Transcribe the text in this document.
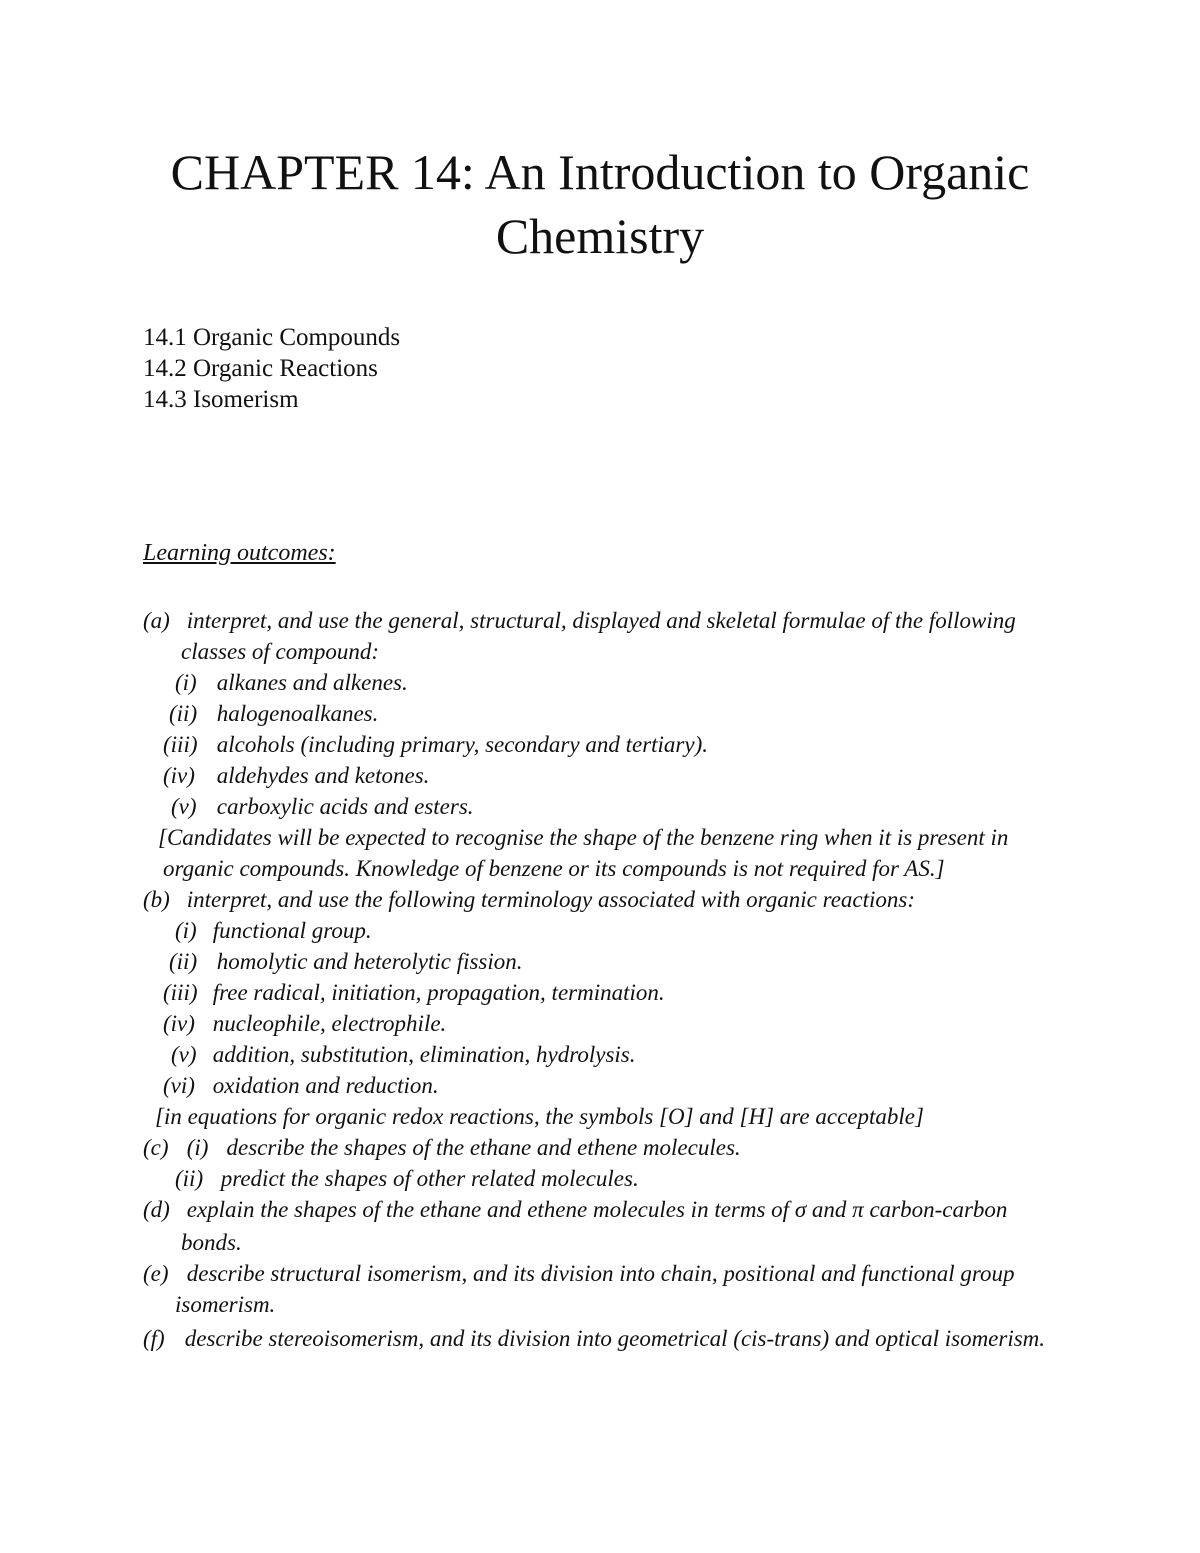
CHAPTER 14: An Introduction to Organic
Chemistry
14.1 Organic Compounds
14.2 Organic Reactions
14.3 Isomerism
Learning outcomes:
(a) interpret, and use the general, structural, displayed and skeletal formulae of the following
classes of compound:
(i) alkanes and alkenes.
(ii) halogenoalkanes.
(iii) alcohols (including primary, secondary and tertiary).
(iv) aldehydes and ketones.
(v) carboxylic acids and esters.
[Candidates will be expected to recognise the shape of the benzene ring when it is present in
organic compounds. Knowledge of benzene or its compounds is not required for AS.]
(b) interpret, and use the following terminology associated with organic reactions:
(i) functional group.
(ii) homolytic and heterolytic fission.
(iii) free radical, initiation, propagation, termination.
(iv) nucleophile, electrophile.
(v) addition, substitution, elimination, hydrolysis.
(vi) oxidation and reduction.
[in equations for organic redox reactions, the symbols [O] and [H] are acceptable]
(c) (i) describe the shapes of the ethane and ethene molecules.
(ii) predict the shapes of other related molecules.
(d) explain the shapes of the ethane and ethene molecules in terms of σ and π carbon-carbon
bonds.
(e) describe structural isomerism, and its division into chain, positional and functional group
isomerism.
(f) describe stereoisomerism, and its division into geometrical (cis-trans) and optical isomerism.
